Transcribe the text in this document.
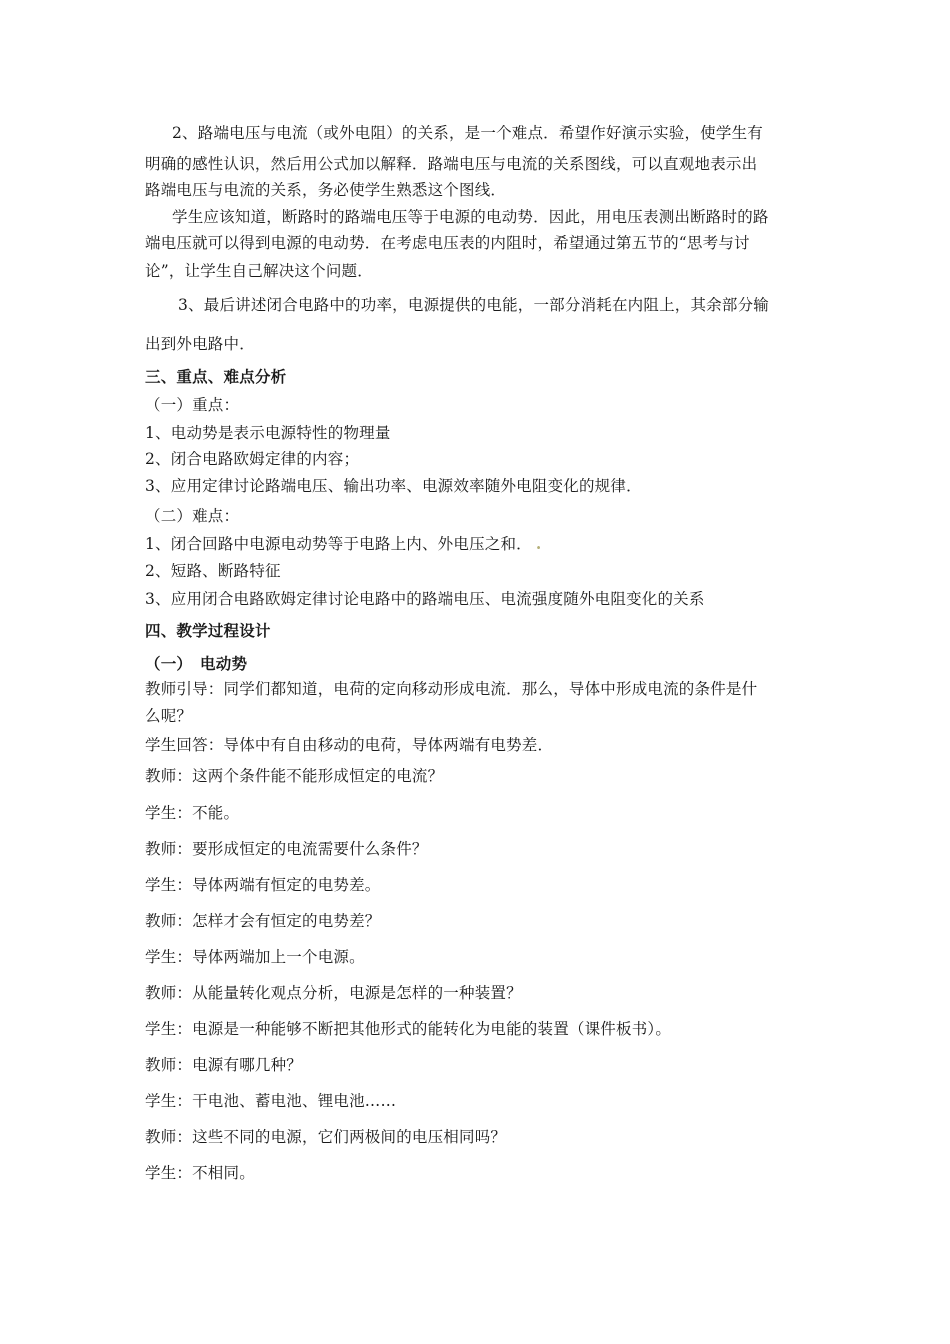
2、路端电压与电流（或外电阻）的关系，是一个难点．希望作好演示实验，使学生有
明确的感性认识，然后用公式加以解释．路端电压与电流的关系图线，可以直观地表示出
路端电压与电流的关系，务必使学生熟悉这个图线．
学生应该知道，断路时的路端电压等于电源的电动势．因此，用电压表测出断路时的路
端电压就可以得到电源的电动势．在考虑电压表的内阻时，希望通过第五节的“思考与讨
论”，让学生自己解决这个问题．
3、最后讲述闭合电路中的功率，电源提供的电能，一部分消耗在内阻上，其余部分输
出到外电路中．
三、重点、难点分析
（一）重点：
1、电动势是表示电源特性的物理量
2、闭合电路欧姆定律的内容；
3、应用定律讨论路端电压、输出功率、电源效率随外电阻变化的规律．
（二）难点：
1、闭合回路中电源电动势等于电路上内、外电压之和． .
2、短路、断路特征
3、应用闭合电路欧姆定律讨论电路中的路端电压、电流强度随外电阻变化的关系
四、教学过程设计
（一）　电动势
教师引导：同学们都知道，电荷的定向移动形成电流．那么，导体中形成电流的条件是什
么呢？
学生回答：导体中有自由移动的电荷，导体两端有电势差．
教师：这两个条件能不能形成恒定的电流？
学生：不能。
教师：要形成恒定的电流需要什么条件？
学生：导体两端有恒定的电势差。
教师：怎样才会有恒定的电势差？
学生：导体两端加上一个电源。
教师：从能量转化观点分析，电源是怎样的一种装置？
学生：电源是一种能够不断把其他形式的能转化为电能的装置（课件板书）。
教师：电源有哪几种？
学生：干电池、蓄电池、锂电池……
教师：这些不同的电源，它们两极间的电压相同吗？
学生：不相同。
